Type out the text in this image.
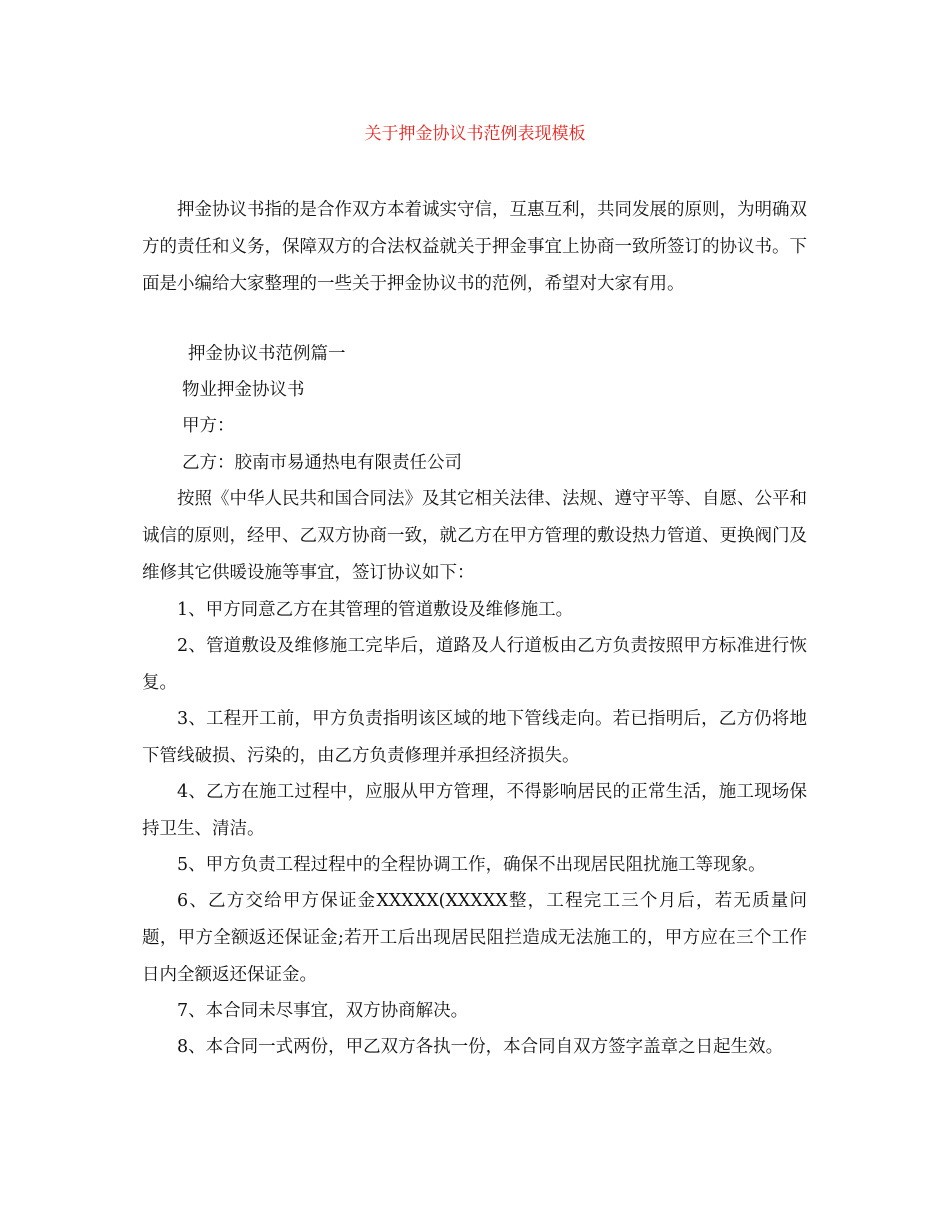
关于押金协议书范例表现模板
押金协议书指的是合作双方本着诚实守信，互惠互利，共同发展的原则，为明确双方的责任和义务，保障双方的合法权益就关于押金事宜上协商一致所签订的协议书。下面是小编给大家整理的一些关于押金协议书的范例，希望对大家有用。
押金协议书范例篇一
物业押金协议书
甲方：
乙方：胶南市易通热电有限责任公司
按照《中华人民共和国合同法》及其它相关法律、法规、遵守平等、自愿、公平和诚信的原则，经甲、乙双方协商一致，就乙方在甲方管理的敷设热力管道、更换阀门及维修其它供暖设施等事宜，签订协议如下：
1、甲方同意乙方在其管理的管道敷设及维修施工。
2、管道敷设及维修施工完毕后，道路及人行道板由乙方负责按照甲方标准进行恢复。
3、工程开工前，甲方负责指明该区域的地下管线走向。若已指明后，乙方仍将地下管线破损、污染的，由乙方负责修理并承担经济损失。
4、乙方在施工过程中，应服从甲方管理，不得影响居民的正常生活，施工现场保持卫生、清洁。
5、甲方负责工程过程中的全程协调工作，确保不出现居民阻扰施工等现象。
6、乙方交给甲方保证金XXXXX(XXXXX整，工程完工三个月后，若无质量问题，甲方全额返还保证金;若开工后出现居民阻拦造成无法施工的，甲方应在三个工作日内全额返还保证金。
7、本合同未尽事宜，双方协商解决。
8、本合同一式两份，甲乙双方各执一份，本合同自双方签字盖章之日起生效。
